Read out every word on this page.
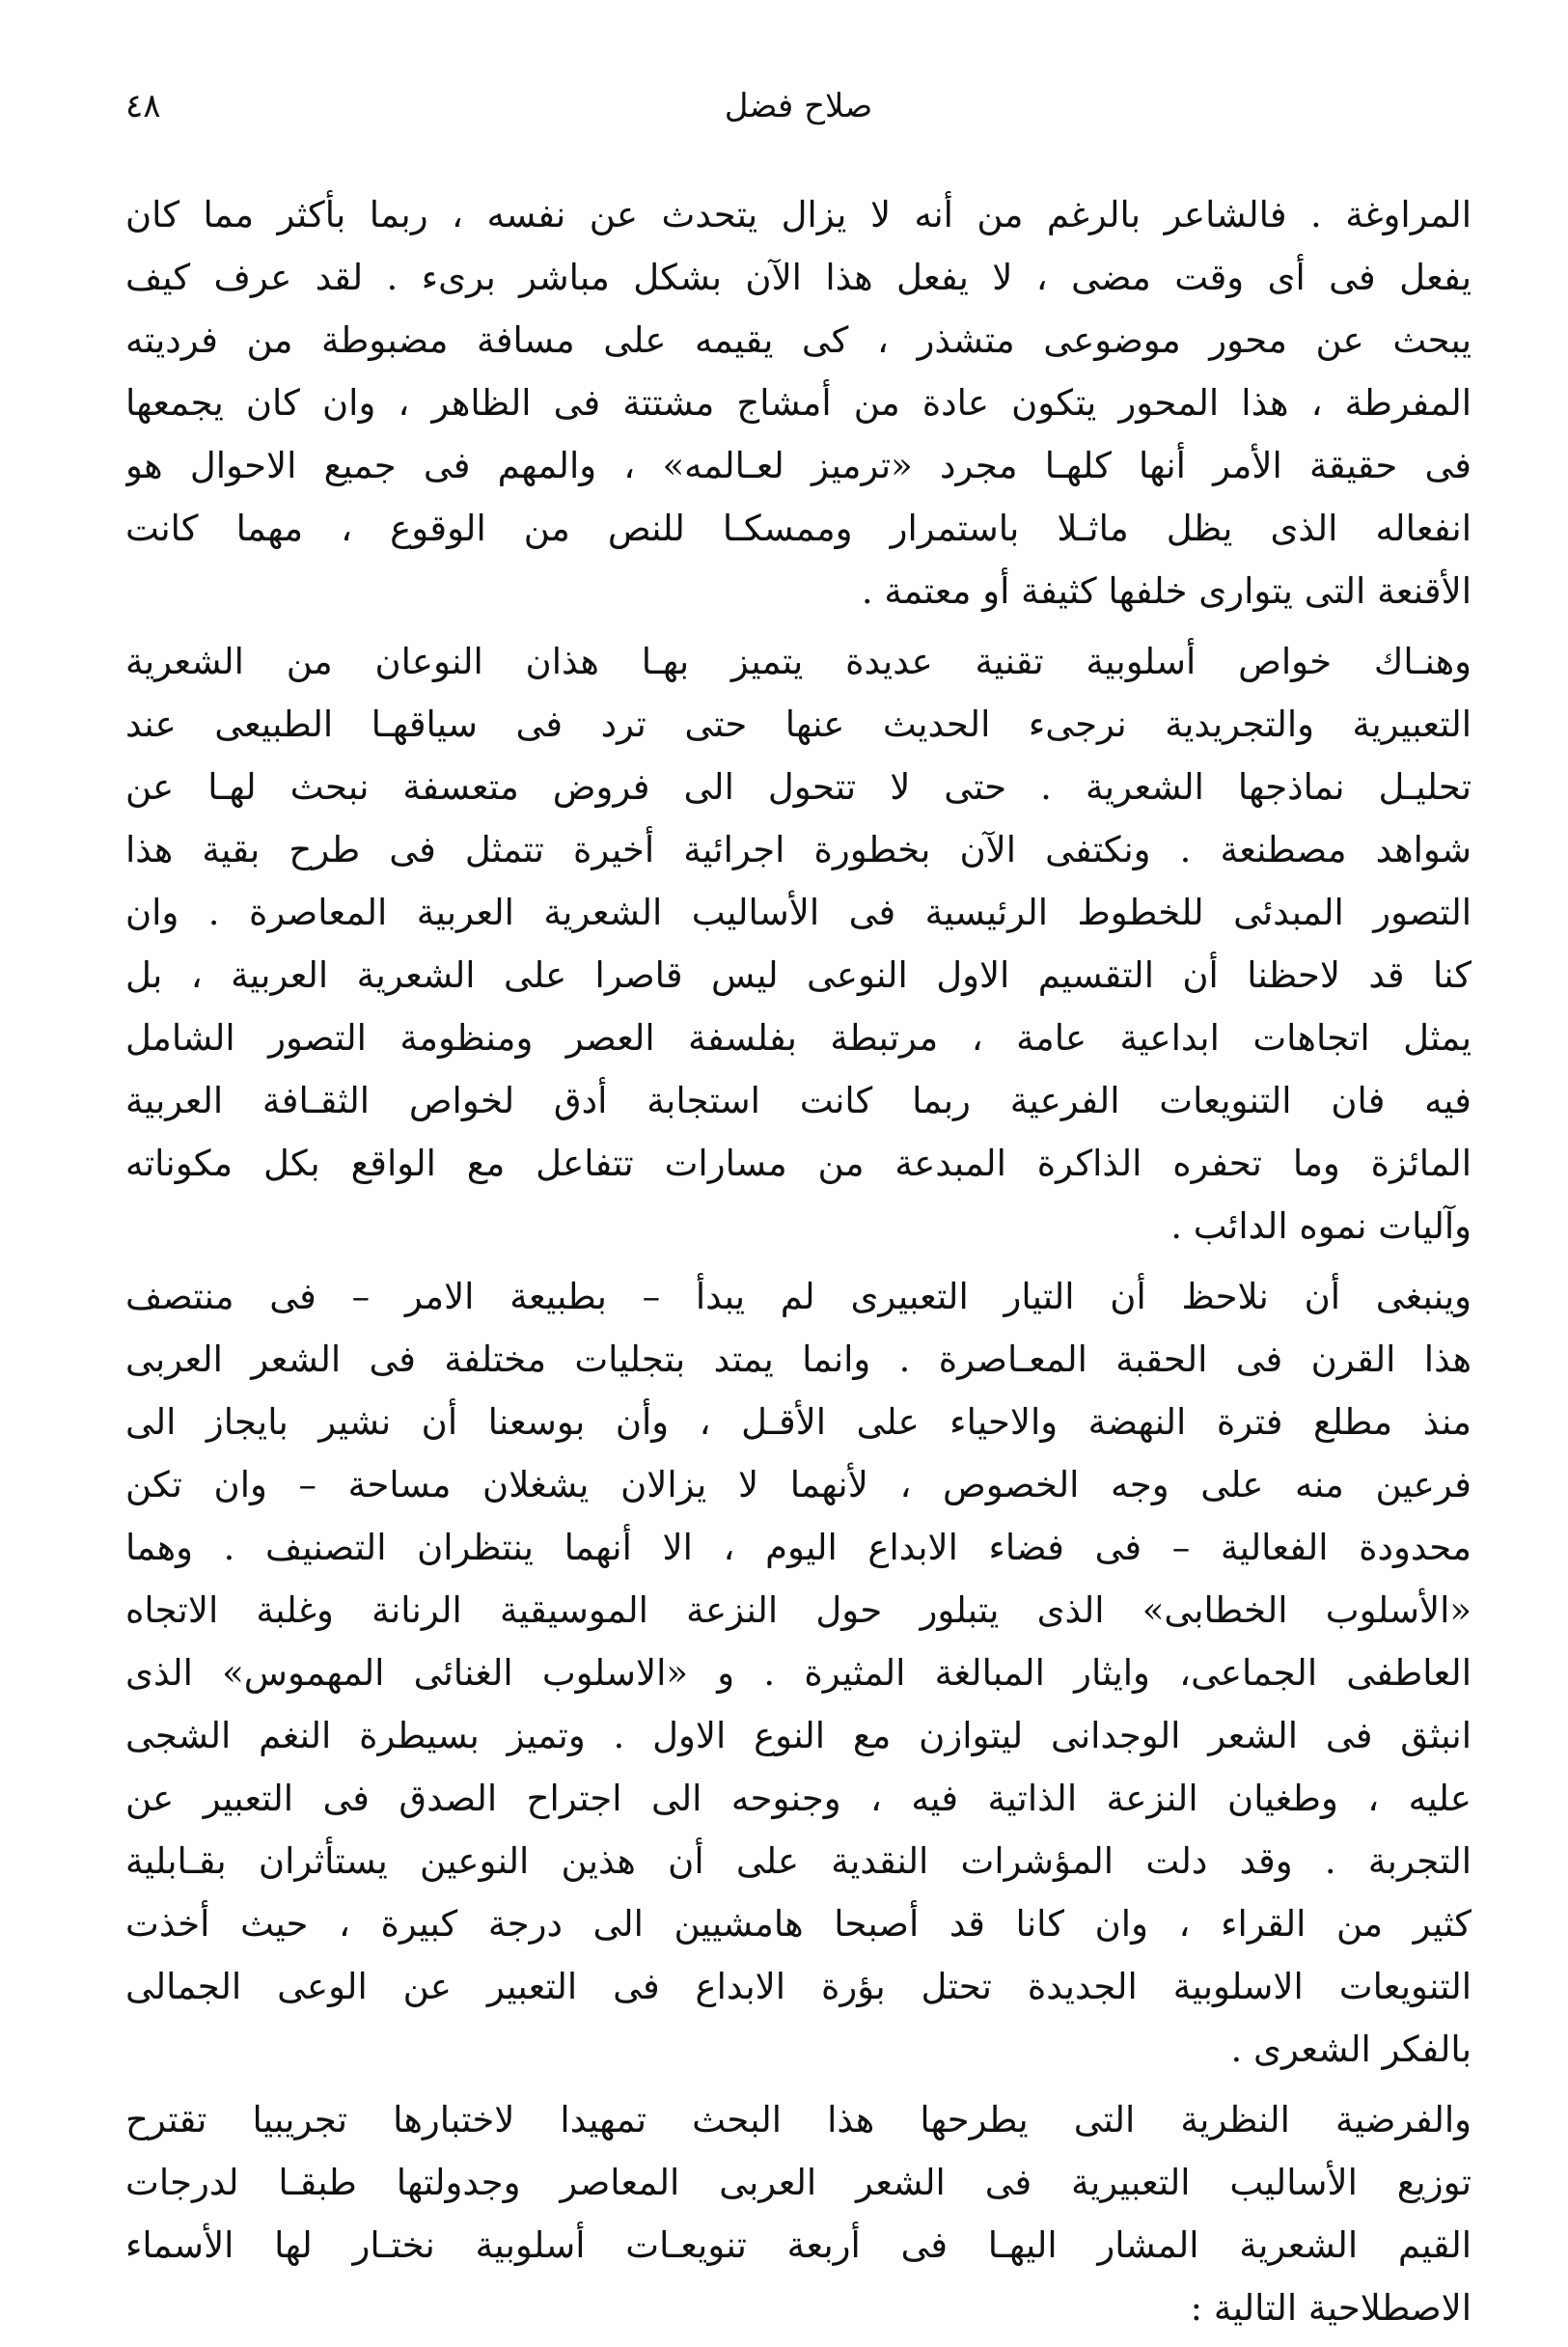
٤٨	صلاح فضل
المراوغة . فالشاعر بالرغم من أنه لا يزال يتحدث عن نفسه ، ربما بأكثر مما كان
يفعل فى أى وقت مضى ، لا يفعل هذا الآن بشكل مباشر برىء . لقد عرف كيف
يبحث عن محور موضوعى متشذر ، كى يقيمه على مسافة مضبوطة من فرديته
المفرطة ، هذا المحور يتكون عادة من أمشاج مشتتة فى الظاهر ، وان كان يجمعها
فى حقيقة الأمر أنها كلهـا مجرد «ترميز لعـالمه» ، والمهم فى جميع الاحوال هو
انفعاله الذى يظل ماثـلا باستمرار وممسكـا للنص من الوقوع ، مهما كانت
الأقنعة التى يتوارى خلفها كثيفة أو معتمة .
وهنـاك خواص أسلوبية تقنية عديدة يتميز بهـا هذان النوعان من الشعرية
التعبيرية والتجريدية نرجىء الحديث عنها حتى ترد فى سياقهـا الطبيعى عند
تحليـل نماذجها الشعرية . حتى لا تتحول الى فروض متعسفة نبحث لهـا عن
شواهد مصطنعة . ونكتفى الآن بخطورة اجرائية أخيرة تتمثل فى طرح بقية هذا
التصور المبدئى للخطوط الرئيسية فى الأساليب الشعرية العربية المعاصرة . وان
كنا قد لاحظنا أن التقسيم الاول النوعى ليس قاصرا على الشعرية العربية ، بل
يمثل اتجاهات ابداعية عامة ، مرتبطة بفلسفة العصر ومنظومة التصور الشامل
فيه فان التنويعات الفرعية ربما كانت استجابة أدق لخواص الثقـافة العربية
المائزة وما تحفره الذاكرة المبدعة من مسارات تتفاعل مع الواقع بكل مكوناته
وآليات نموه الدائب .
وينبغى أن نلاحظ أن التيار التعبيرى لم يبدأ – بطبيعة الامر – فى منتصف
هذا القرن فى الحقبة المعـاصرة . وانما يمتد بتجليات مختلفة فى الشعر العربى
منذ مطلع فترة النهضة والاحياء على الأقـل ، وأن بوسعنا أن نشير بايجاز الى
فرعين منه على وجه الخصوص ، لأنهما لا يزالان يشغلان مساحة – وان تكن
محدودة الفعالية – فى فضاء الابداع اليوم ، الا أنهما ينتظران التصنيف . وهما
«الأسلوب الخطابى» الذى يتبلور حول النزعة الموسيقية الرنانة وغلبة الاتجاه
العاطفى الجماعى، وايثار المبالغة المثيرة . و «الاسلوب الغنائى المهموس» الذى
انبثق فى الشعر الوجدانى ليتوازن مع النوع الاول . وتميز بسيطرة النغم الشجى
عليه ، وطغيان النزعة الذاتية فيه ، وجنوحه الى اجتراح الصدق فى التعبير عن
التجربة . وقد دلت المؤشرات النقدية على أن هذين النوعين يستأثران بقـابلية
كثير من القراء ، وان كانا قد أصبحا هامشيين الى درجة كبيرة ، حيث أخذت
التنويعات الاسلوبية الجديدة تحتل بؤرة الابداع فى التعبير عن الوعى الجمالى
بالفكر الشعرى .
والفرضية النظرية التى يطرحها هذا البحث تمهيدا لاختبارها تجريبيا تقترح
توزيع الأساليب التعبيرية فى الشعر العربى المعاصر وجدولتها طبقـا لدرجات
القيم الشعرية المشار اليهـا فى أربعة تنويعـات أسلوبية نختـار لها الأسماء
الاصطلاحية التالية :
